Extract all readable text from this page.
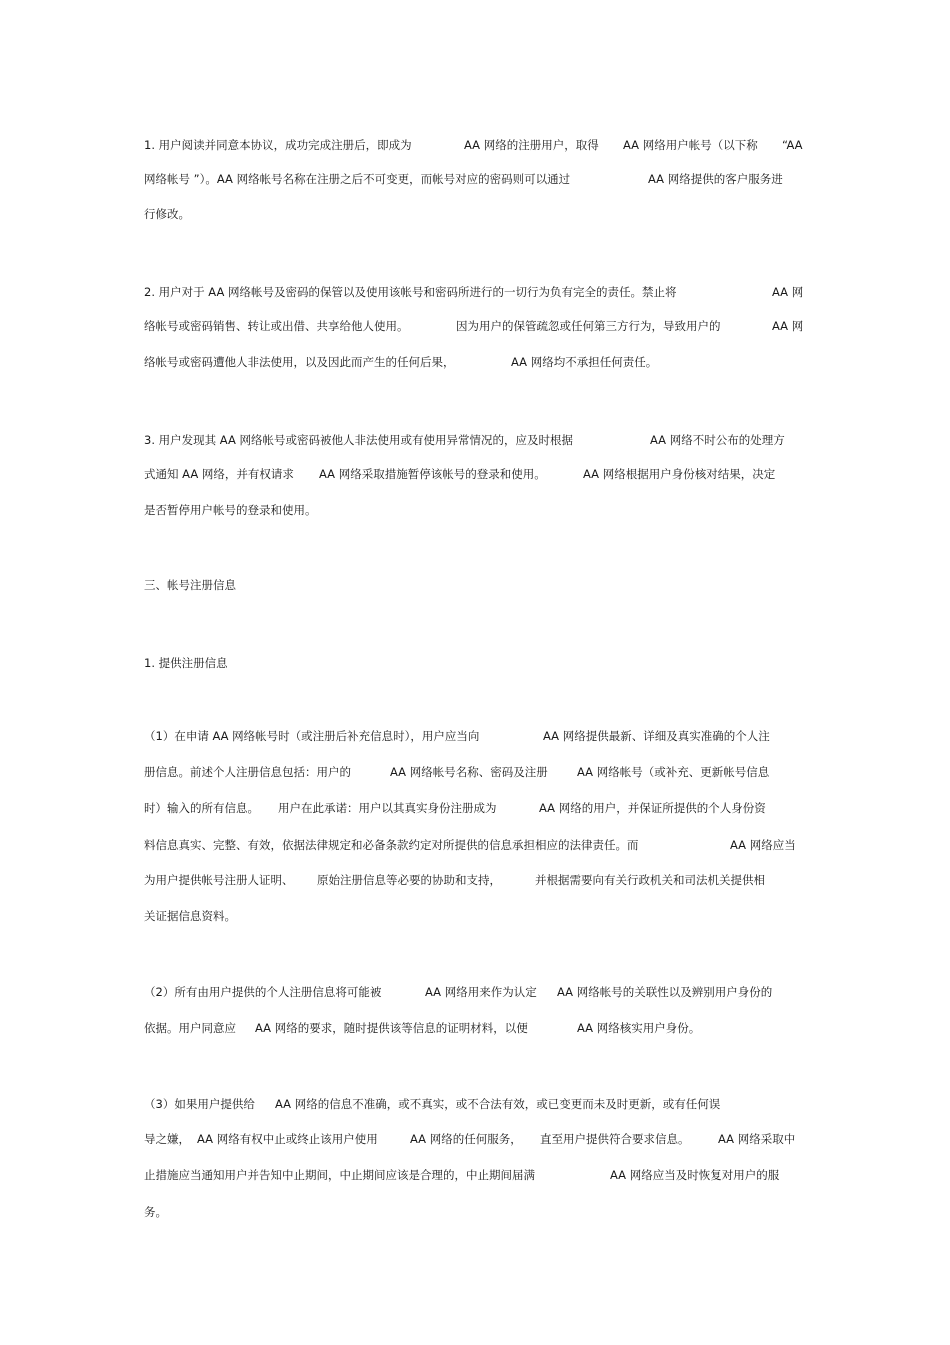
1. 用户阅读并同意本协议，成功完成注册后，即成为	AA 网络的注册用户，取得 AA 网络用户帐号（以下称 “AA
网络帐号 ”）。AA 网络帐号名称在注册之后不可变更，而帐号对应的密码则可以通过	AA 网络提供的客户服务进
行修改。
2. 用户对于 AA 网络帐号及密码的保管以及使用该帐号和密码所进行的一切行为负有完全的责任。禁止将	AA 网
络帐号或密码销售、转让或出借、共享给他人使用。	因为用户的保管疏忽或任何第三方行为，导致用户的	AA 网
络帐号或密码遭他人非法使用，以及因此而产生的任何后果，	AA 网络均不承担任何责任。
3. 用户发现其 AA 网络帐号或密码被他人非法使用或有使用异常情况的，应及时根据	AA 网络不时公布的处理方
式通知 AA 网络，并有权请求 AA 网络采取措施暂停该帐号的登录和使用。	AA 网络根据用户身份核对结果，决定
是否暂停用户帐号的登录和使用。
三、帐号注册信息
1. 提供注册信息
（1）在申请 AA 网络帐号时（或注册后补充信息时），用户应当向	AA 网络提供最新、详细及真实准确的个人注
册信息。前述个人注册信息包括：用户的	AA 网络帐号名称、密码及注册	AA 网络帐号（或补充、更新帐号信息
时）输入的所有信息。 用户在此承诺：用户以其真实身份注册成为	AA 网络的用户，并保证所提供的个人身份资
料信息真实、完整、有效，依据法律规定和必备条款约定对所提供的信息承担相应的法律责任。而	AA 网络应当
为用户提供帐号注册人证明、 原始注册信息等必要的协助和支持，	并根据需要向有关行政机关和司法机关提供相
关证据信息资料。
（2）所有由用户提供的个人注册信息将可能被	AA 网络用来作为认定 AA 网络帐号的关联性以及辨别用户身份的
依据。用户同意应 AA 网络的要求，随时提供该等信息的证明材料，以便	AA 网络核实用户身份。
（3）如果用户提供给 AA 网络的信息不准确，或不真实，或不合法有效，或已变更而未及时更新，或有任何误
导之嫌， AA 网络有权中止或终止该用户使用	AA 网络的任何服务， 直至用户提供符合要求信息。 AA 网络采取中
止措施应当通知用户并告知中止期间，中止期间应该是合理的，中止期间届满	AA 网络应当及时恢复对用户的服
务。
